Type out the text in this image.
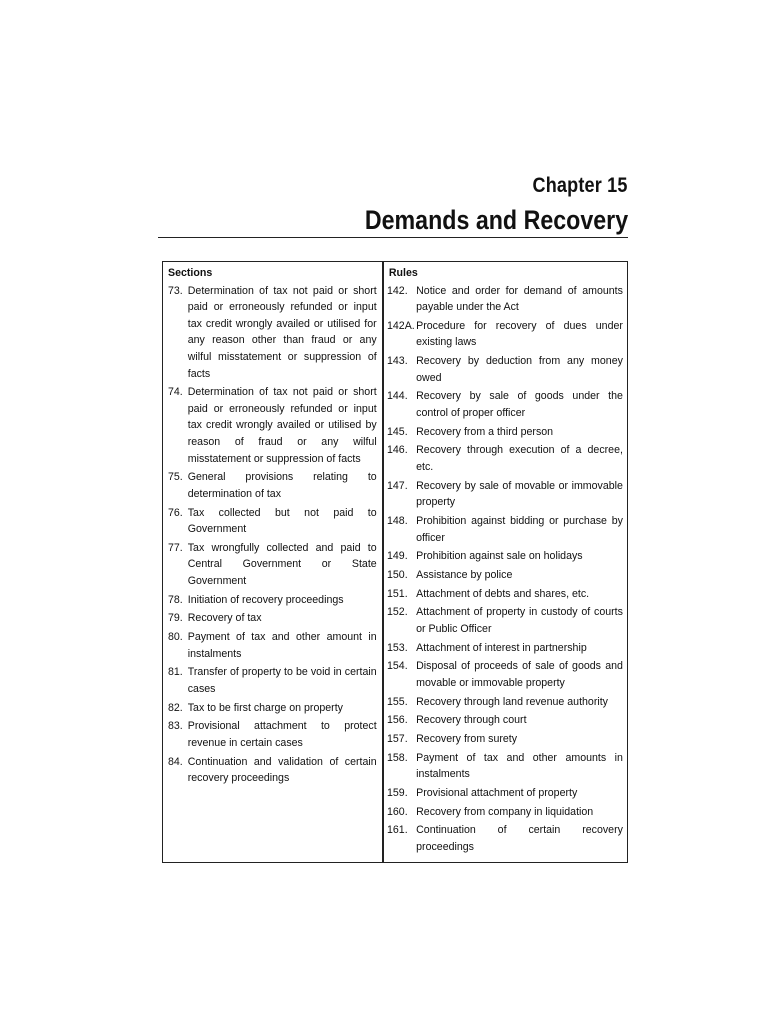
Chapter 15
Demands and Recovery
Sections
73. Determination of tax not paid or short paid or erroneously refunded or input tax credit wrongly availed or utilised for any reason other than fraud or any wilful misstatement or suppression of facts
74. Determination of tax not paid or short paid or erroneously refunded or input tax credit wrongly availed or utilised by reason of fraud or any wilful misstatement or suppression of facts
75. General provisions relating to determination of tax
76. Tax collected but not paid to Government
77. Tax wrongfully collected and paid to Central Government or State Government
78. Initiation of recovery proceedings
79. Recovery of tax
80. Payment of tax and other amount in instalments
81. Transfer of property to be void in certain cases
82. Tax to be first charge on property
83. Provisional attachment to protect revenue in certain cases
84. Continuation and validation of certain recovery proceedings
Rules
142. Notice and order for demand of amounts payable under the Act
142A. Procedure for recovery of dues under existing laws
143. Recovery by deduction from any money owed
144. Recovery by sale of goods under the control of proper officer
145. Recovery from a third person
146. Recovery through execution of a decree, etc.
147. Recovery by sale of movable or immovable property
148. Prohibition against bidding or purchase by officer
149. Prohibition against sale on holidays
150. Assistance by police
151. Attachment of debts and shares, etc.
152. Attachment of property in custody of courts or Public Officer
153. Attachment of interest in partnership
154. Disposal of proceeds of sale of goods and movable or immovable property
155. Recovery through land revenue authority
156. Recovery through court
157. Recovery from surety
158. Payment of tax and other amounts in instalments
159. Provisional attachment of property
160. Recovery from company in liquidation
161. Continuation of certain recovery proceedings
